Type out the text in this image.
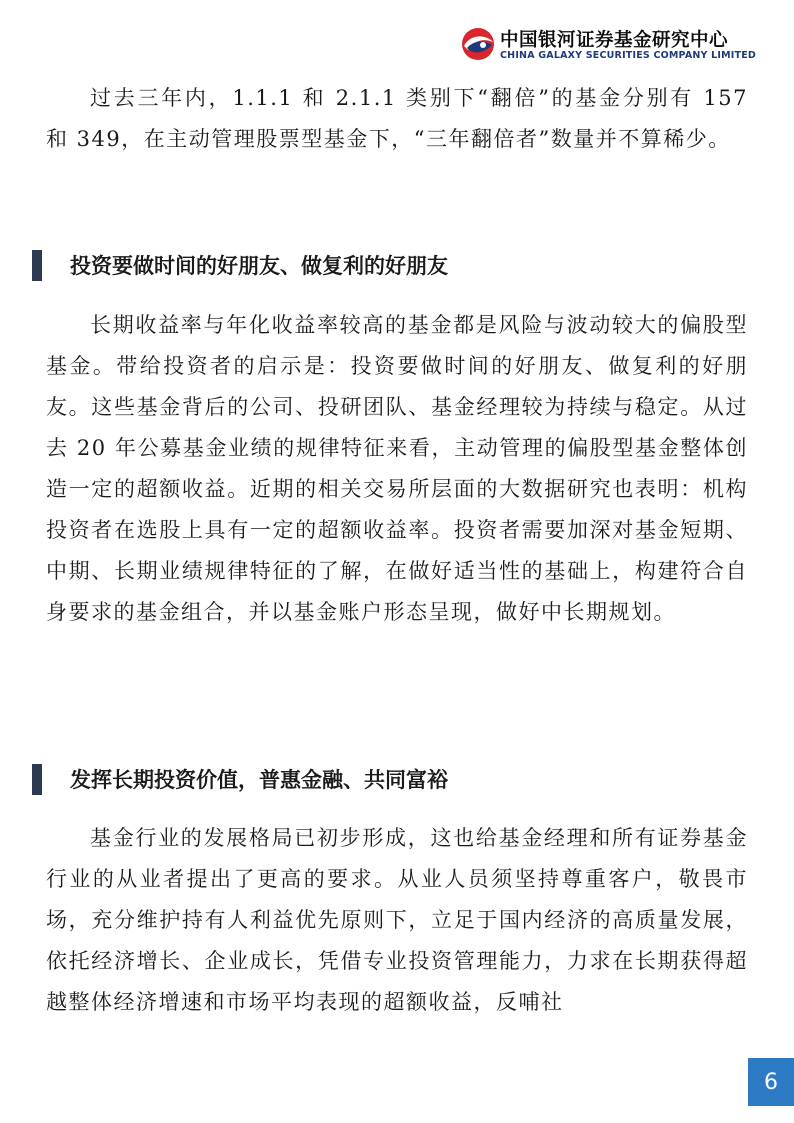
中国银河证券基金研究中心
CHINA GALAXY SECURITIES COMPANY LIMITED

过去三年内，1.1.1 和 2.1.1 类别下“翻倍”的基金分别有 157 和 349，在主动管理股票型基金下，“三年翻倍者”数量并不算稀少。

投资要做时间的好朋友、做复利的好朋友

长期收益率与年化收益率较高的基金都是风险与波动较大的偏股型基金。带给投资者的启示是：投资要做时间的好朋友、做复利的好朋友。这些基金背后的公司、投研团队、基金经理较为持续与稳定。从过去 20 年公募基金业绩的规律特征来看，主动管理的偏股型基金整体创造一定的超额收益。近期的相关交易所层面的大数据研究也表明：机构投资者在选股上具有一定的超额收益率。投资者需要加深对基金短期、中期、长期业绩规律特征的了解，在做好适当性的基础上，构建符合自身要求的基金组合，并以基金账户形态呈现，做好中长期规划。

发挥长期投资价值，普惠金融、共同富裕

基金行业的发展格局已初步形成，这也给基金经理和所有证券基金行业的从业者提出了更高的要求。从业人员须坚持尊重客户，敬畏市场，充分维护持有人利益优先原则下，立足于国内经济的高质量发展，依托经济增长、企业成长，凭借专业投资管理能力，力求在长期获得超越整体经济增速和市场平均表现的超额收益，反哺社

6
